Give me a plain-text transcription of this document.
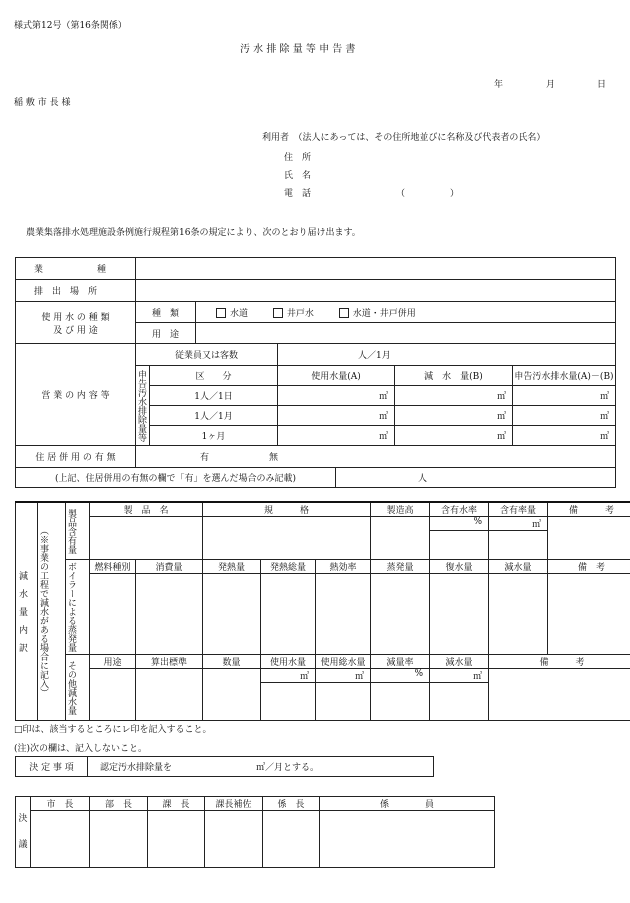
様式第12号（第16条関係）
汚 水 排 除 量 等 申 告 書
年	月	日
稲 敷 市 長 様
利用者　（法人にあっては、その住所地並びに名称及び代表者の氏名）
住　所
氏　名
電　話	（　　　　　）
農業集落排水処理施設条例施行規程第16条の規定により、次のとおり届け出ます。
業　　　　　　種							
排　出　場　所							

使 用 水 の 種 類
及 び 用 途	種　類		水道 井戸水 水道・井戸併用				
	用　途						
営 業 の 内 容 等	従業員又は客数			人／1月			

	申告汚水排除量等	区　　分		使用水量(A)		減　水　量(B)	申告汚水排水量(A)－(B)
		1人／1日		㎥		㎥	㎥
		1人／1月		㎥		㎥	㎥
		1ヶ月		㎥		㎥	㎥
住 居 併 用 の 有 無	有 無						
(上記、住居併用の有無の欄で「有」を選んだ場合のみ記載)					人		
減　水　量　内　訳	（※事業の工程で減水がある場合に記入）	製品含有量	製　品　名		規　　　格			製造高	含有水率	含有率量	備　　　考
									%	㎥	

		ボイラーによる蒸発量	燃料種別	消費量	発熱量	発熱総量	熱効率	蒸発量	復水量	減水量	備　考

		その他減水量	用途	算出標準	数量	使用水量	使用総水量	減量率	減水量	備　　　考	
						㎥	㎥	%	㎥		

□印は、該当するところにレ印を記入すること。
(注)次の欄は、記入しないこと。
決 定 事 項	認定汚水排除量を	㎥／月とする。
決
議	市　長	部　長	課　長	課長補佐	係　長	係　　　　員
